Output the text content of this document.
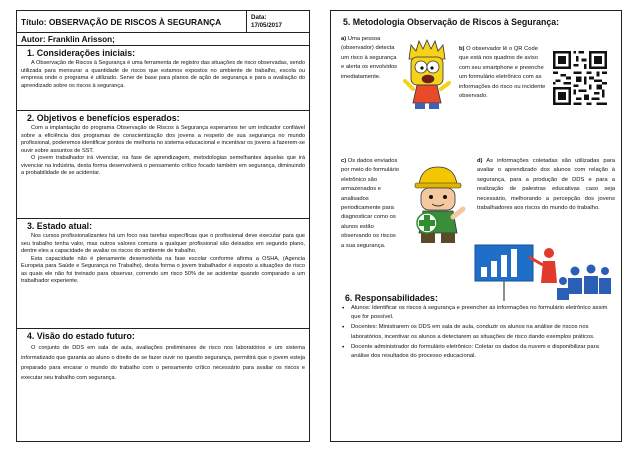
Título: OBSERVAÇÃO DE RISCOS À SEGURANÇA	Data:
17/05/2017
Autor: Franklin Arisson;
1. Considerações iniciais:

A Observação de Riscos à Segurança é uma ferramenta de registro das situações de risco observadas, sendo utilizada para mensurar a quantidade de riscos que estamos expostos no ambiente de trabalho, escola ou empresa onde o programa é utilizado. Serve de base para planos de ação de segurança e para a avaliação do aprendizado sobre os riscos à segurança.

2. Objetivos e benefícios esperados:

Com a implantação do programa Observação de Riscos à Segurança esperamos ter um indicador confiável sobre a eficiência dos programas de conscientização dos jovens a respeito de sua segurança no mundo profissional, poderemos identificar pontos de melhoria no sistema educacional e incentivar os jovens a fazerem-se ouvir sobre assuntos de SST.

O jovem trabalhador irá vivenciar, na fase de aprendizagem, metodologias semelhantes àquelas que irá vivenciar na indústria, desta forma desenvolverá o pensamento crítico focado também em segurança, diminuindo a probabilidade de se acidentar.

3. Estado atual:

Nos cursos profissionalizantes há um foco nas tarefas específicas que o profissional deve executar para que seu trabalho tenha valor, mas outros valores comuns a qualquer profissional são deixados em segundo plano, dentre eles a capacidade de avaliar os riscos do ambiente de trabalho.

Esta capacidade não é plenamente desenvolvida na fase escolar conforme afirma a OSHA, (Agencia Europeia para Saúde e Segurança no Trabalho), desta forma o jovem trabalhador é exposto a situações de risco as quais ele não foi treinado para observar, correndo um risco 50% de se acidentar quando comparado a um trabalhador experiente.

4. Visão do estado futuro:

O conjunto de DDS em sala de aula, avaliações preliminares de risco nos laboratórios e um sistema informatizado que garanta ao aluno o direito de se fazer ouvir no quesito segurança, permitirá que o jovem esteja preparado para encarar o mundo do trabalho com o pensamento crítico necessário para avaliar os riscos e executar seu trabalho com segurança.

5. Metodologia Observação de Riscos à Segurança:
a) Uma pessoa (observador) detecta um risco à segurança e alerta os envolvidos imediatamente.
b) O observador lê o QR Code que está nos quadros de aviso com seu smartphone e preenche um formulário eletrônico com as informações do risco ou incidente observado.
c) Os dados enviados por meio do formulário eletrônico são armazenados e analisados periodicamente para diagnosticar como os alunos estão observando os riscos a sua segurança.
d) As informações coletadas são utilizadas para avaliar o aprendizado dos alunos com relação à segurança, para a produção de DDS e para a realização de palestras educativas caso seja necessário, melhorando a percepção dos jovens trabalhadores aos riscos do mundo do trabalho.
6. Responsabilidades:
• Alunos: Identificar os riscos à segurança e preencher as informações no formulário eletrônico assim que for possível.
• Docentes: Ministrarem os DDS em sala de aula, conduzir os alunos na análise de riscos nos laboratórios, incentivar os alunos a detectarem as situações de risco dando exemplos práticos.
• Docente administrador do formulário eletrônico: Coletar os dados da nuvem e disponibilizar para análise dos resultados do processo educacional.
